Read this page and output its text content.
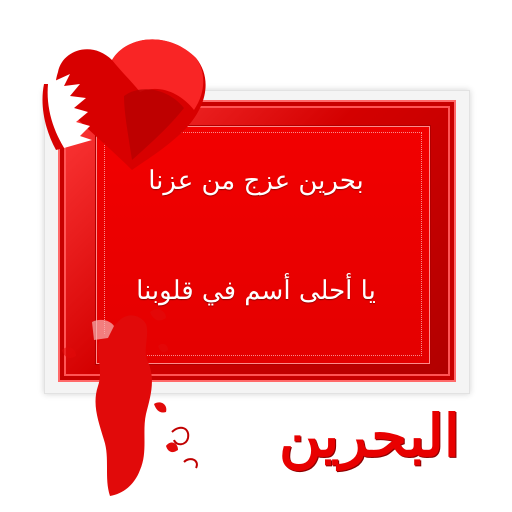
بحرين عزج من عزنا
يا أحلى أسم في قلوبنا
البحرين
